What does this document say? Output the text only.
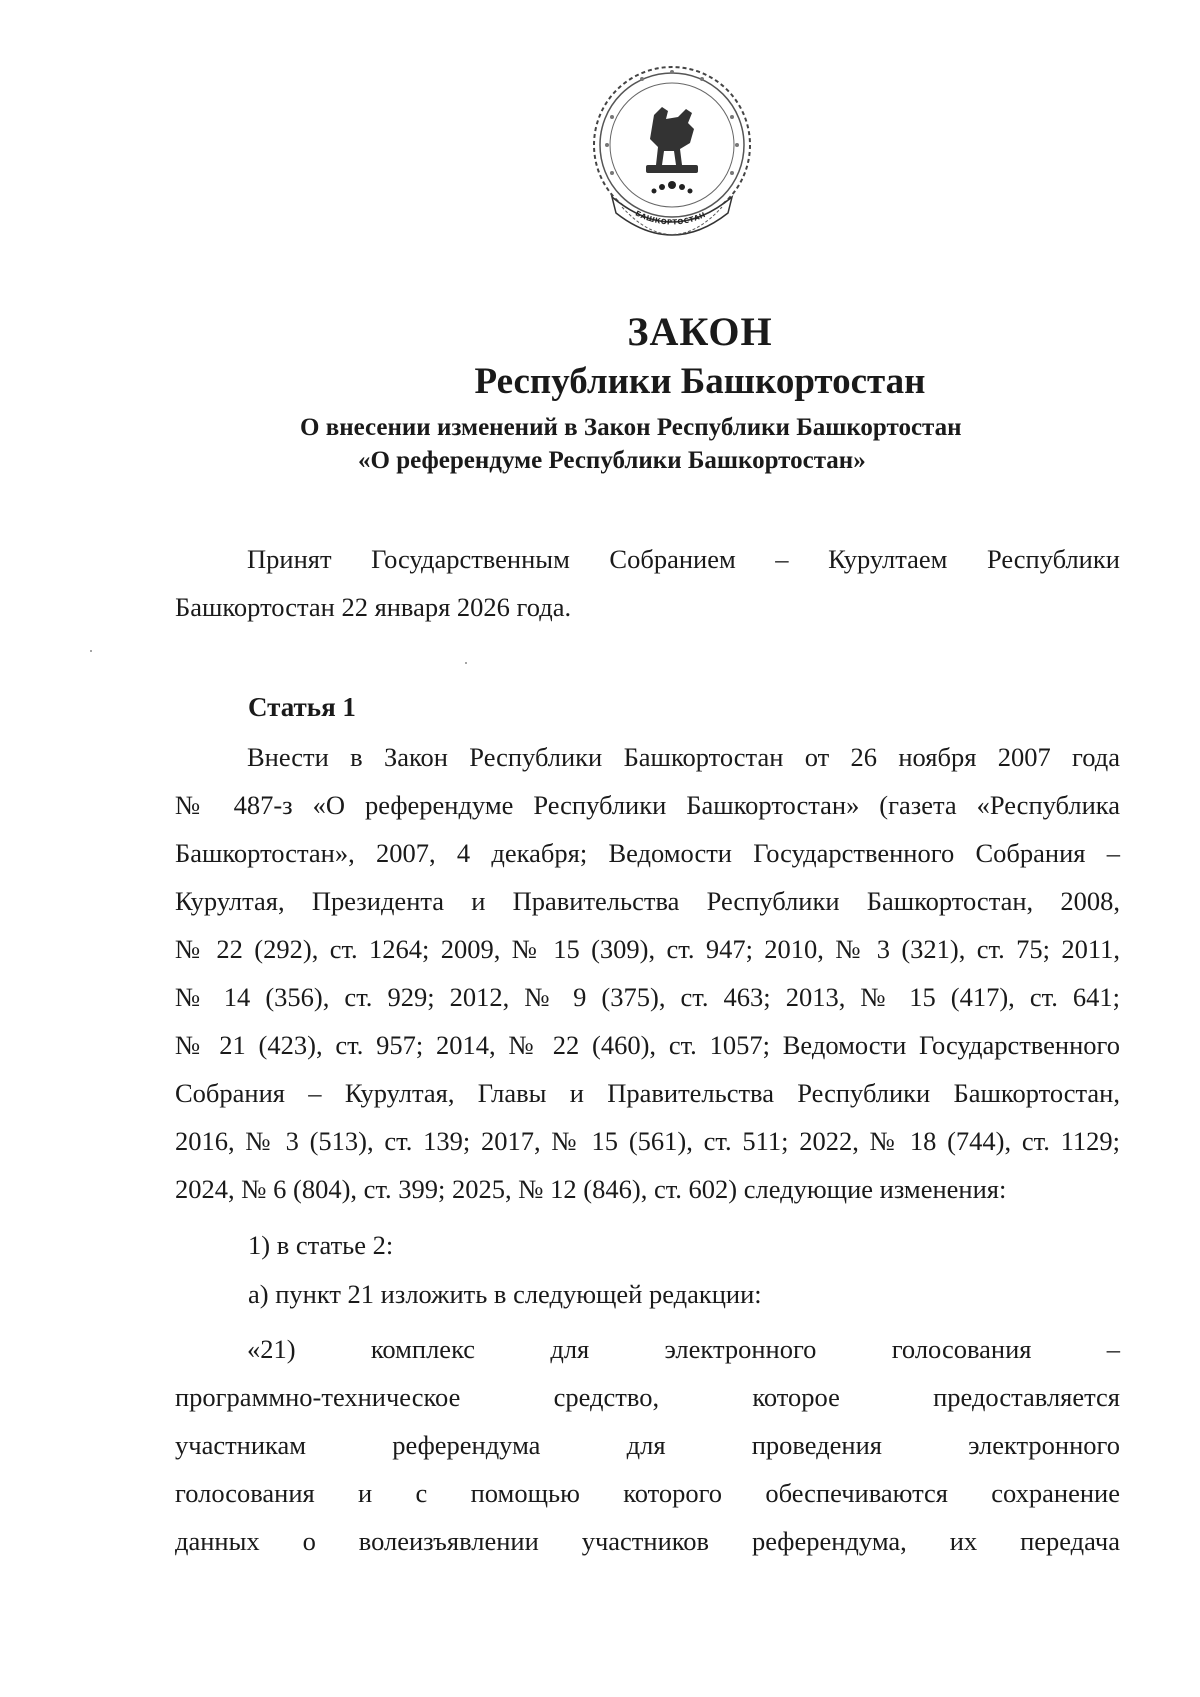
БАШКОРТОСТАН
ЗАКОН
Республики Башкортостан
О внесении изменений в Закон Республики Башкортостан
«О референдуме Республики Башкортостан»
Принят Государственным Собранием – Курултаем Республики
Башкортостан 22 января 2026 года.
Статья 1
Внести в Закон Республики Башкортостан от 26 ноября 2007 года
№ 487-з «О референдуме Республики Башкортостан» (газета «Республика
Башкортостан», 2007, 4 декабря; Ведомости Государственного Собрания –
Курултая, Президента и Правительства Республики Башкортостан, 2008,
№ 22 (292), ст. 1264; 2009, № 15 (309), ст. 947; 2010, № 3 (321), ст. 75; 2011,
№ 14 (356), ст. 929; 2012, № 9 (375), ст. 463; 2013, № 15 (417), ст. 641;
№ 21 (423), ст. 957; 2014, № 22 (460), ст. 1057; Ведомости Государственного
Собрания – Курултая, Главы и Правительства Республики Башкортостан,
2016, № 3 (513), ст. 139; 2017, № 15 (561), ст. 511; 2022, № 18 (744), ст. 1129;
2024, № 6 (804), ст. 399; 2025, № 12 (846), ст. 602) следующие изменения:
1) в статье 2:
а) пункт 21 изложить в следующей редакции:
«21)	комплекс	для	электронного	голосования	–
программно-техническое	средство,	которое	предоставляется
участникам	референдума	для	проведения	электронного
голосования и с помощью которого обеспечиваются сохранение
данных о волеизъявлении участников референдума, их передача
